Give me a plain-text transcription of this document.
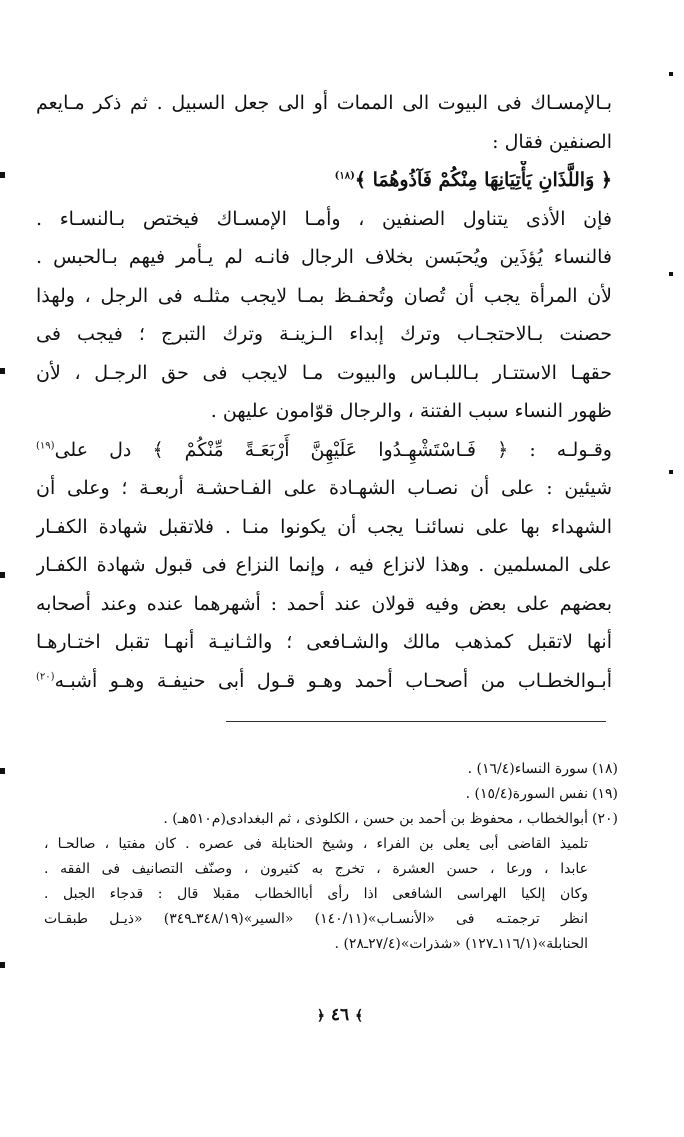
بـالإمسـاك فى البيوت الى الممات أو الى جعل السبيل . ثم ذكر مـايعم
الصنفين فقال :
﴿ وَاللَّذَانِ يَأْتِيَانِهَا مِنْكُمْ فَآذُوهُمَا ﴾$^{(١٨)}$
فإن الأذى يتناول الصنفين ، وأمـا الإمسـاك فيختص بـالنسـاء .
فالنساء يُؤذَين ويُحبَسن بخلاف الرجال فانـه لم يـأمر فيهم بـالحبس .
لأن المرأة يجب أن تُصان وتُحفـظ بمـا لايجب مثلـه فى الرجل ، ولهذا
حصنت بـالاحتجـاب وترك إبداء الـزينـة وترك التبرج ؛ فيجب فى
حقهـا الاستتـار بـاللبـاس والبيوت مـا لايجب فى حق الرجـل ، لأن
ظهور النساء سبب الفتنة ، والرجال قوّامون عليهن .
وقـولـه : ﴿ فَـاسْتَشْهِـدُوا عَلَيْهِنَّ أَرْبَعَـةً مِّنْكُمْ ﴾ دل على$^{(١٩)}$
شيئين : على أن نصـاب الشهـادة على الفـاحشـة أربعـة ؛ وعلى أن
الشهداء بها على نسائنـا يجب أن يكونوا منـا . فلاتقبل شهادة الكفـار
على المسلمين . وهذا لانزاع فيه ، وإنما النزاع فى قبول شهادة الكفـار
بعضهم على بعض وفيه قولان عند أحمد : أشهرهما عنده وعند أصحابه
أنها لاتقبل كمذهب مالك والشـافعى ؛ والثـانيـة أنهـا تقبل اختـارهـا
أبـوالخطـاب من أصحـاب أحمد وهـو قـول أبى حنيفـة وهـو أشبـه$^{(٢٠)}$
(١٨)سورة النساء(١٦/٤) .
(١٩)نفس السورة(١٥/٤) .
(٢٠)أبوالخطاب ، محفوظ بن أحمد بن حسن ، الكلوذى ، ثم البغدادى(م٥١٠هـ) .
تلميذ القاضى أبى يعلى بن الفراء ، وشيخ الحنابلة فى عصره . كان مفتيا ، صالحـا ،
عابدا ، ورعا ، حسن العشرة ، تخرج به كثيرون ، وصنّف التصانيف فى الفقه .
وكان إلكيا الهراسى الشافعى اذا رأى أباالخطاب مقبلا قال : قدجاء الجبل .
انظر ترجمتـه فى «الأنسـاب»(١٤٠/١١) «السير»(٣٤٨/١٩ـ٣٤٩) «ذيـل طبقـات
الحنابلة»(١١٦/١ـ١٢٧) «شذرات»(٢٧/٤ـ٢٨) .
﴾ ٤٦ ﴿
